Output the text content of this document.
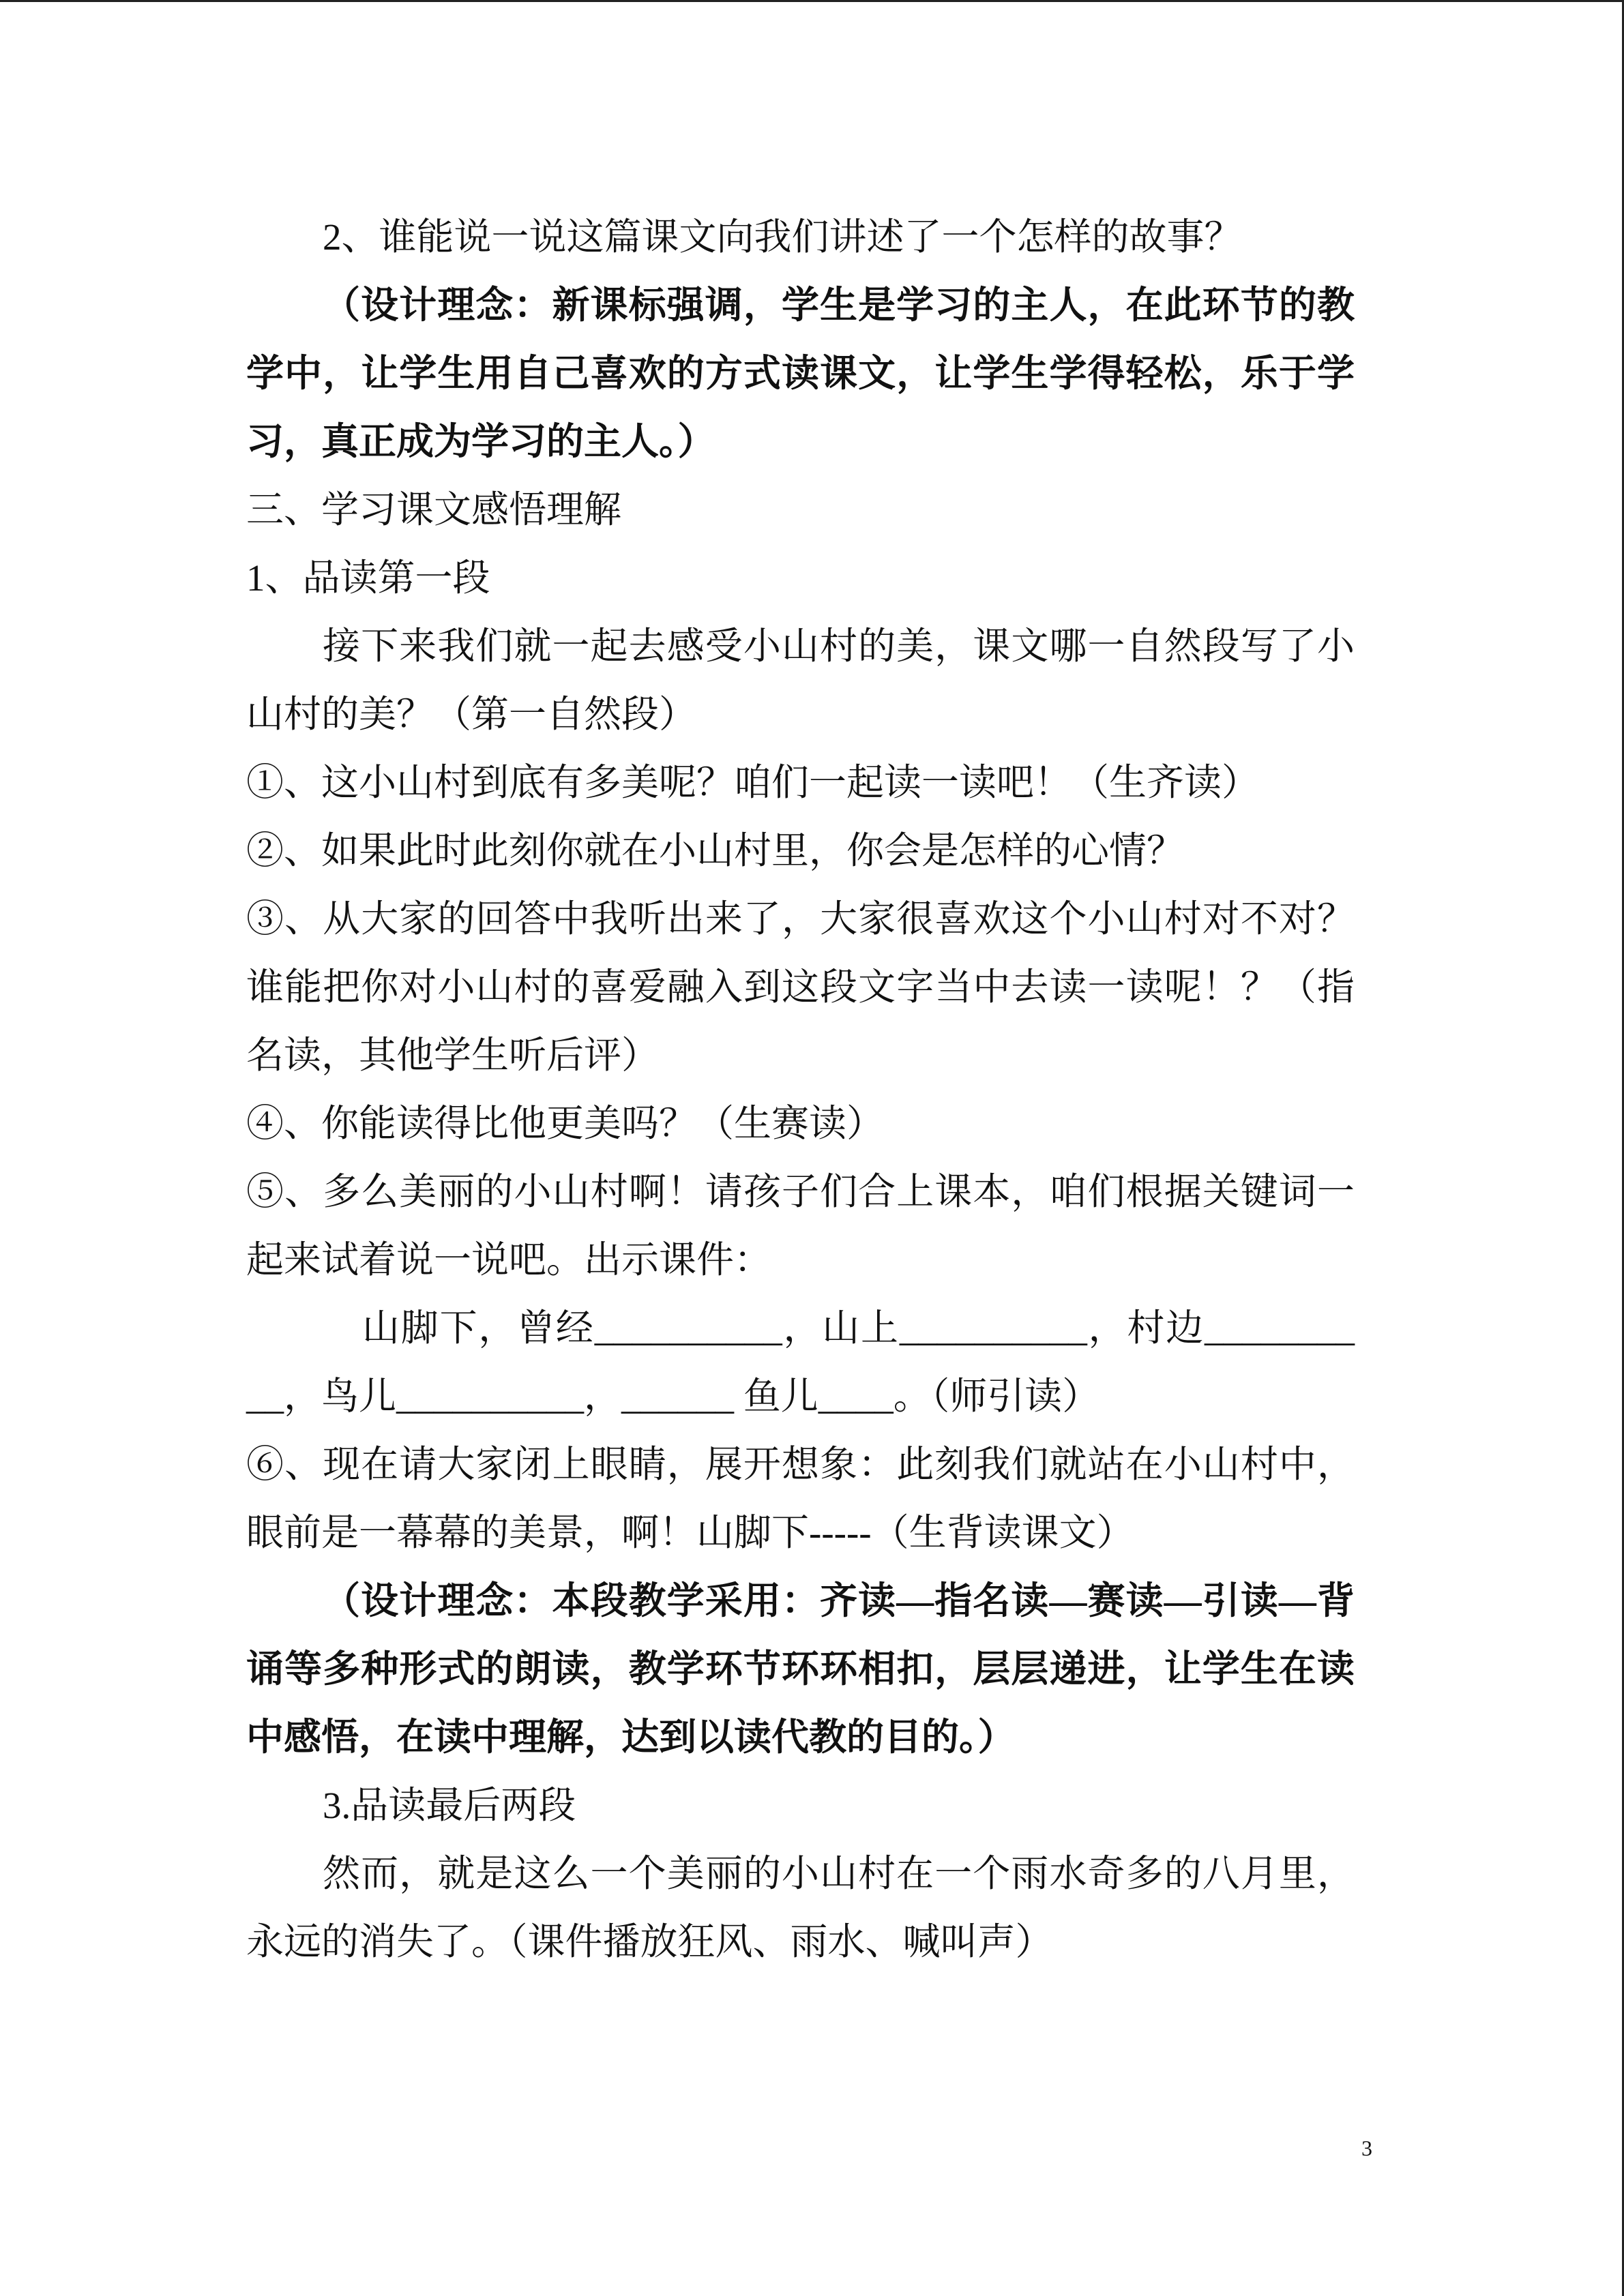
2、谁能说一说这篇课文向我们讲述了一个怎样的故事？
（设计理念：新课标强调，学生是学习的主人，在此环节的教
学中，让学生用自己喜欢的方式读课文，让学生学得轻松，乐于学
习，真正成为学习的主人。）
三、学习课文感悟理解
1、品读第一段
接下来我们就一起去感受小山村的美，课文哪一自然段写了小
山村的美？（第一自然段）
①、这小山村到底有多美呢？咱们一起读一读吧！（生齐读）
②、如果此时此刻你就在小山村里，你会是怎样的心情？
③、从大家的回答中我听出来了，大家很喜欢这个小山村对不对？
谁能把你对小山村的喜爱融入到这段文字当中去读一读呢！？（指
名读，其他学生听后评）
④、你能读得比他更美吗？（生赛读）
⑤、多么美丽的小山村啊！请孩子们合上课本，咱们根据关键词一
起来试着说一说吧。出示课件：
山脚下，曾经__________，山上__________，村边________
__，鸟儿__________，______ 鱼儿____。（师引读）
⑥、现在请大家闭上眼睛，展开想象：此刻我们就站在小山村中，
眼前是一幕幕的美景，啊！山脚下-----（生背读课文）
（设计理念：本段教学采用：齐读—指名读—赛读—引读—背
诵等多种形式的朗读，教学环节环环相扣，层层递进，让学生在读
中感悟，在读中理解，达到以读代教的目的。）
3.品读最后两段
然而，就是这么一个美丽的小山村在一个雨水奇多的八月里，
永远的消失了。（课件播放狂风、雨水、喊叫声）
3
